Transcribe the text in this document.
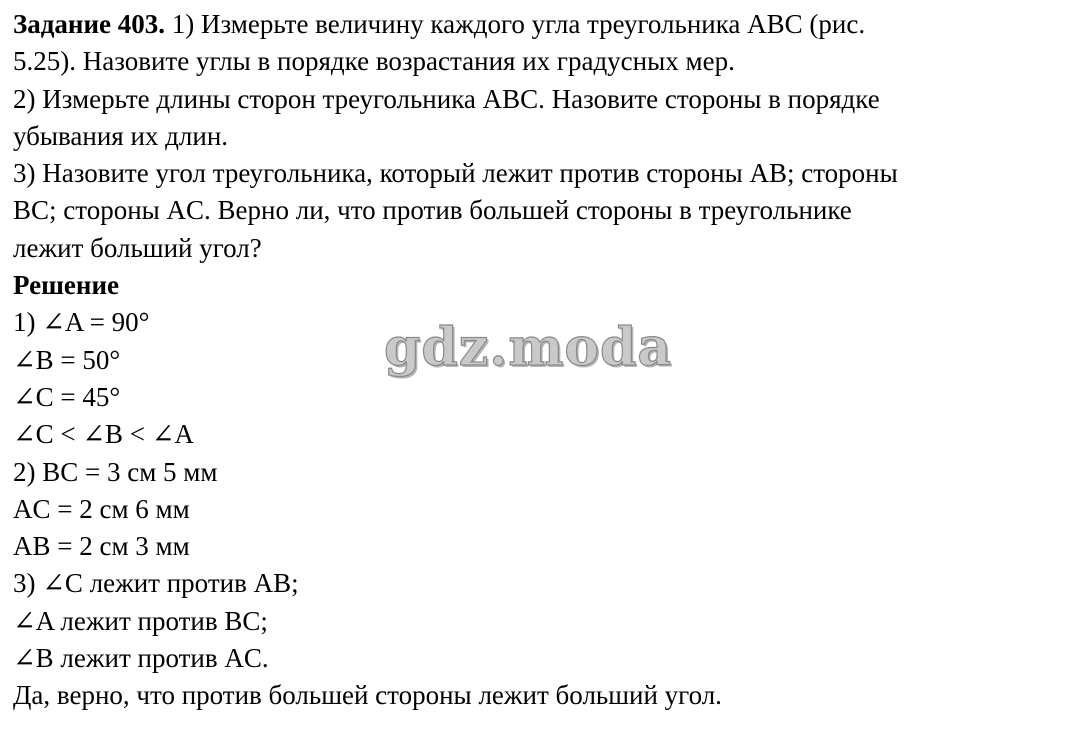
Задание 403. 1) Измерьте величину каждого угла треугольника ABC (рис.
5.25). Назовите углы в порядке возрастания их градусных мер.
2) Измерьте длины сторон треугольника ABC. Назовите стороны в порядке
убывания их длин.
3) Назовите угол треугольника, который лежит против стороны AB; стороны
BC; стороны AC. Верно ли, что против большей стороны в треугольнике
лежит больший угол?
Решение
1) ∠A = 90°
∠B = 50°
∠C = 45°
∠C < ∠B < ∠A
2) BC = 3 см 5 мм
AC = 2 см 6 мм
AB = 2 см 3 мм
3) ∠C лежит против AB;
∠A лежит против BC;
∠B лежит против AC.
Да, верно, что против большей стороны лежит больший угол.
gdz.moda
